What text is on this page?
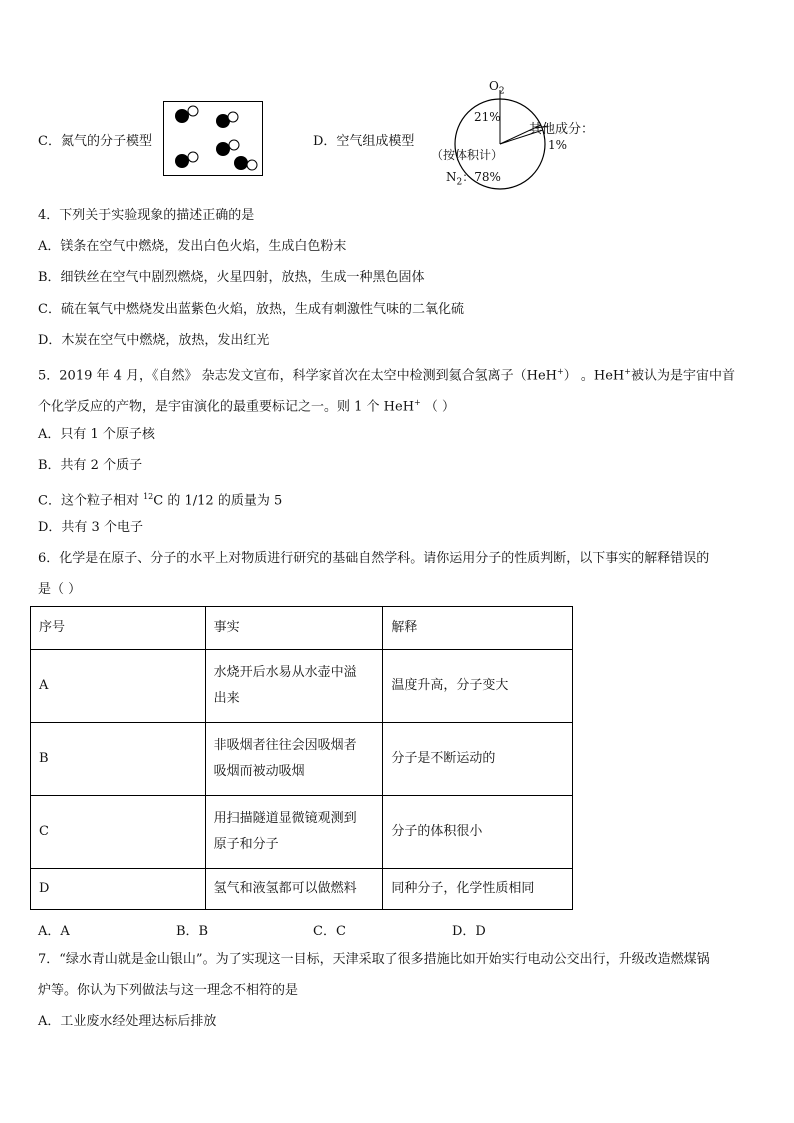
C．氮气的分子模型	D．空气组成模型
$O_2$
21%
其他成分：
1%
（按体积计）
$N_2$：78%
4．下列关于实验现象的描述正确的是
A．镁条在空气中燃烧，发出白色火焰，生成白色粉末
B．细铁丝在空气中剧烈燃烧，火星四射，放热，生成一种黑色固体
C．硫在氧气中燃烧发出蓝紫色火焰，放热，生成有刺激性气味的二氧化硫
D．木炭在空气中燃烧，放热，发出红光
5．2019 年 4 月，《自然》 杂志发文宣布，科学家首次在太空中检测到氦合氢离子（HeH+） 。HeH+被认为是宇宙中首
个化学反应的产物，是宇宙演化的最重要标记之一。则 1 个 HeH+ （ ）
A．只有 1 个原子核
B．共有 2 个质子
C．这个粒子相对 $^{12}$C 的 1/12 的质量为 5
D．共有 3 个电子
6．化学是在原子、分子的水平上对物质进行研究的基础自然学科。请你运用分子的性质判断，以下事实的解释错误的
是（ ）
序号	事实	解释
A	水烧开后水易从水壶中溢
出来	温度升高，分子变大
B	非吸烟者往往会因吸烟者
吸烟而被动吸烟	分子是不断运动的
C	用扫描隧道显微镜观测到
原子和分子	分子的体积很小
D	氢气和液氢都可以做燃料	同种分子，化学性质相同
A．A	B．B	C．C	D．D
7．“绿水青山就是金山银山”。为了实现这一目标，天津采取了很多措施比如开始实行电动公交出行，升级改造燃煤锅
炉等。你认为下列做法与这一理念不相符的是
A．工业废水经处理达标后排放
